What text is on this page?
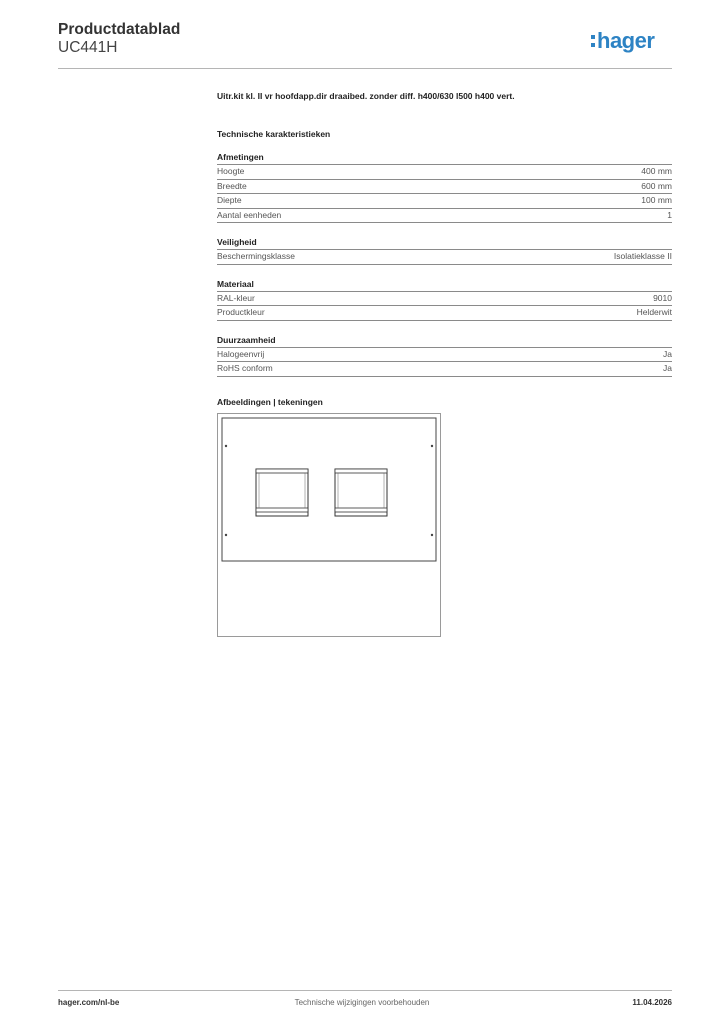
Productdatablad
UC441H	hager
Uitr.kit kl. II vr hoofdapp.dir draaibed. zonder diff. h400/630 l500 h400 vert.
Technische karakteristieken
Afmetingen
Hoogte	400 mm
Breedte	600 mm
Diepte	100 mm
Aantal eenheden	1
Veiligheid
Beschermingsklasse	Isolatieklasse II
Materiaal
RAL-kleur	9010
Productkleur	Helderwit
Duurzaamheid
Halogeenvrij	Ja
RoHS conform	Ja
Afbeeldingen | tekeningen
hager.com/nl-be	Technische wijzigingen voorbehouden	11.04.2026
